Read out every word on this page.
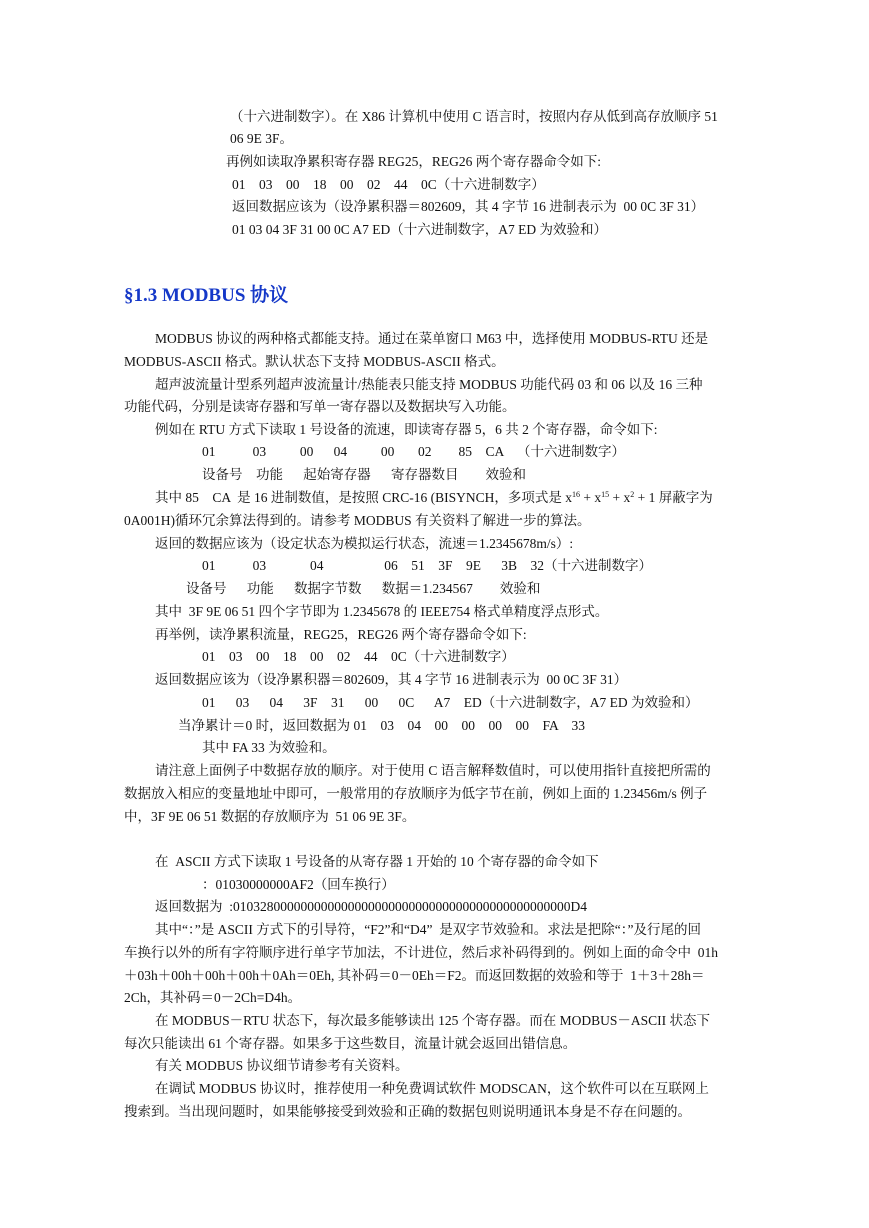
（十六进制数字）。在 X86 计算机中使用 C 语言时，按照内存从低到高存放顺序 51
06 9E 3F。
再例如读取净累积寄存器 REG25，REG26 两个寄存器命令如下:
01    03    00    18    00    02    44    0C（十六进制数字）
返回数据应该为（设净累积器＝802609，其 4 字节 16 进制表示为  00 0C 3F 31）
01 03 04 3F 31 00 0C A7 ED（十六进制数字，A7 ED 为效验和）
§1.3 MODBUS 协议
MODBUS 协议的两种格式都能支持。通过在菜单窗口 M63 中，选择使用 MODBUS-RTU 还是
MODBUS-ASCII 格式。默认状态下支持 MODBUS-ASCII 格式。
超声波流量计型系列超声波流量计/热能表只能支持 MODBUS 功能代码 03 和 06 以及 16 三种
功能代码，分别是读寄存器和写单一寄存器以及数据块写入功能。
例如在 RTU 方式下读取 1 号设备的流速，即读寄存器 5，6 共 2 个寄存器，命令如下:
01           03          00      04          00       02        85    CA    （十六进制数字）
设备号    功能      起始寄存器      寄存器数目        效验和
其中 85    CA  是 16 进制数值，是按照 CRC-16 (BISYNCH，多项式是 $x^{16} + x^{15} + x^2 + 1$ 屏蔽字为
0A001H)循环冗余算法得到的。请参考 MODBUS 有关资料了解进一步的算法。
返回的数据应该为（设定状态为模拟运行状态，流速＝1.2345678m/s）:
01           03             04                  06    51    3F    9E      3B    32（十六进制数字）
设备号      功能      数据字节数      数据＝1.234567        效验和
其中  3F 9E 06 51 四个字节即为 1.2345678 的 IEEE754 格式单精度浮点形式。
再举例，读净累积流量，REG25，REG26 两个寄存器命令如下:
01    03    00    18    00    02    44    0C（十六进制数字）
返回数据应该为（设净累积器＝802609，其 4 字节 16 进制表示为  00 0C 3F 31）
01      03      04      3F    31      00      0C      A7    ED（十六进制数字，A7 ED 为效验和）
当净累计＝0 时，返回数据为 01    03    04    00    00    00    00    FA    33
其中 FA 33 为效验和。
请注意上面例子中数据存放的顺序。对于使用 C 语言解释数值时，可以使用指针直接把所需的
数据放入相应的变量地址中即可，一般常用的存放顺序为低字节在前，例如上面的 1.23456m/s 例子
中，3F 9E 06 51 数据的存放顺序为  51 06 9E 3F。
在  ASCII 方式下读取 1 号设备的从寄存器 1 开始的 10 个寄存器的命令如下
：01030000000AF2（回车换行）
返回数据为  :01032800000000000000000000000000000000000000000000D4
其中“：”是 ASCII 方式下的引导符，“F2”和“D4”  是双字节效验和。求法是把除“：”及行尾的回
车换行以外的所有字符顺序进行单字节加法，不计进位，然后求补码得到的。例如上面的命令中  01h
＋03h＋00h＋00h＋00h＋0Ah＝0Eh, 其补码＝0－0Eh＝F2。而返回数据的效验和等于  1＋3＋28h＝
2Ch，其补码＝0－2Ch=D4h。
在 MODBUS－RTU 状态下，每次最多能够读出 125 个寄存器。而在 MODBUS－ASCII 状态下
每次只能读出 61 个寄存器。如果多于这些数目，流量计就会返回出错信息。
有关 MODBUS 协议细节请参考有关资料。
在调试 MODBUS 协议时，推荐使用一种免费调试软件 MODSCAN，这个软件可以在互联网上
搜索到。当出现问题时，如果能够接受到效验和正确的数据包则说明通讯本身是不存在问题的。
